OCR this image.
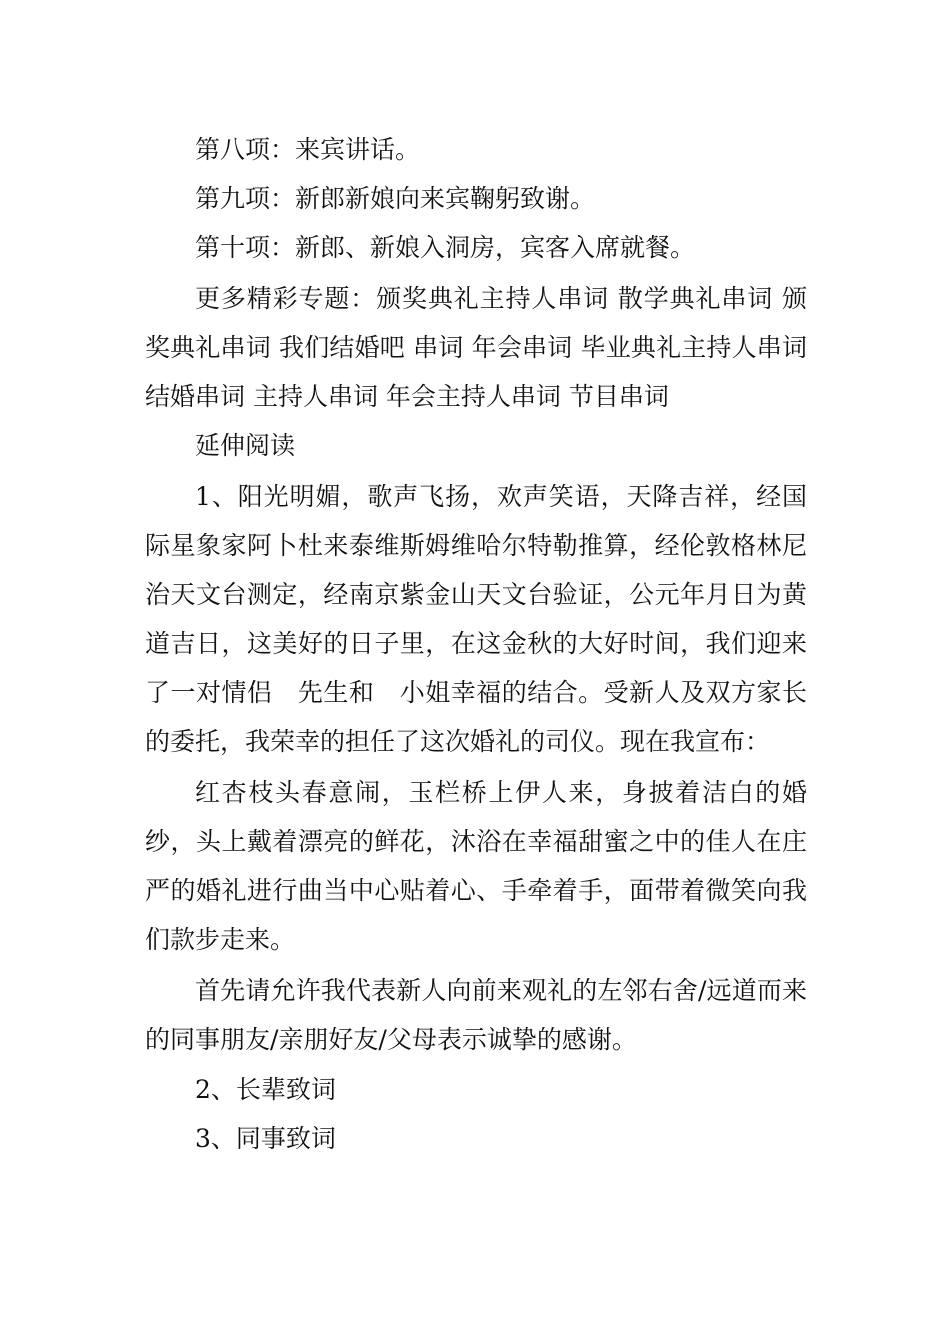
第八项：来宾讲话。

第九项：新郎新娘向来宾鞠躬致谢。

第十项：新郎、新娘入洞房，宾客入席就餐。

更多精彩专题：颁奖典礼主持人串词 散学典礼串词 颁奖典礼串词 我们结婚吧 串词 年会串词 毕业典礼主持人串词 结婚串词 主持人串词 年会主持人串词 节目串词

延伸阅读

1、阳光明媚，歌声飞扬，欢声笑语，天降吉祥，经国际星象家阿卜杜来泰维斯姆维哈尔特勒推算，经伦敦格林尼治天文台测定，经南京紫金山天文台验证，公元年月日为黄道吉日，这美好的日子里，在这金秋的大好时间，我们迎来了一对情侣　先生和　小姐幸福的结合。受新人及双方家长的委托，我荣幸的担任了这次婚礼的司仪。现在我宣布：

红杏枝头春意闹，玉栏桥上伊人来，身披着洁白的婚纱，头上戴着漂亮的鲜花，沐浴在幸福甜蜜之中的佳人在庄严的婚礼进行曲当中心贴着心、手牵着手，面带着微笑向我们款步走来。

首先请允许我代表新人向前来观礼的左邻右舍/远道而来的同事朋友/亲朋好友/父母表示诚挚的感谢。

2、长辈致词

3、同事致词
